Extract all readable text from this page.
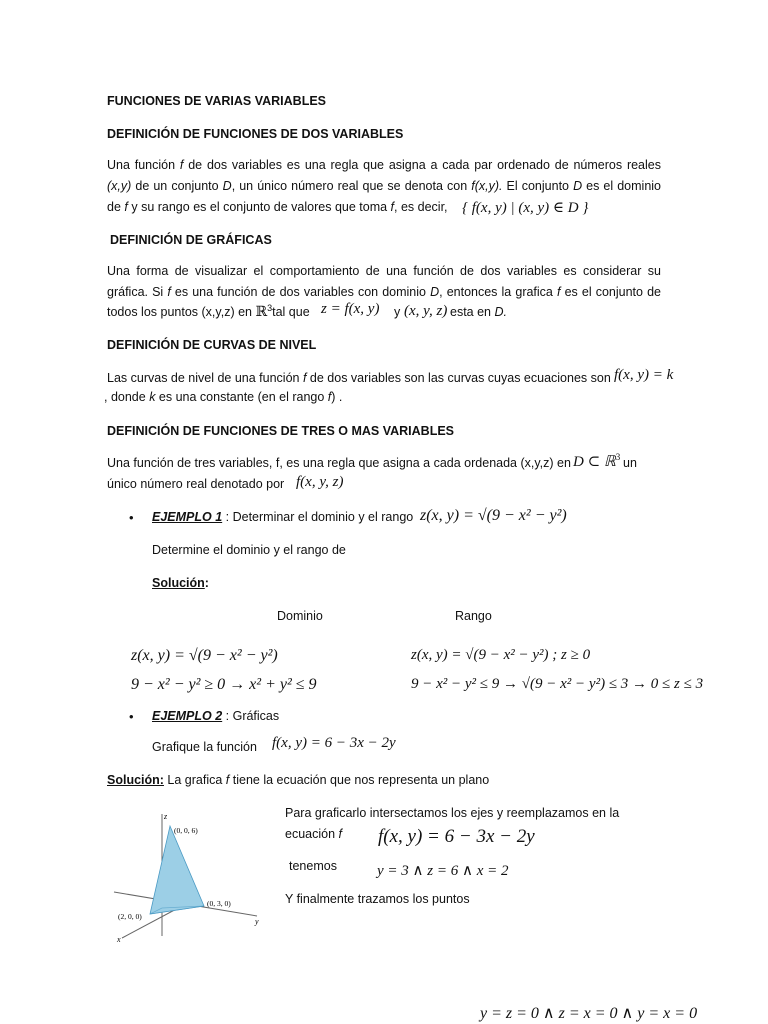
FUNCIONES DE VARIAS VARIABLES
DEFINICIÓN DE FUNCIONES DE DOS VARIABLES
Una función f de dos variables es una regla que asigna a cada par ordenado de números reales
(x,y) de un conjunto D, un único número real que se denota con f(x,y). El conjunto D es el dominio
de f y su rango es el conjunto de valores que toma f, es decir, { f(x, y) | (x, y) ∈ D }
DEFINICIÓN DE GRÁFICAS
Una forma de visualizar el comportamiento de una función de dos variables es considerar su
gráfica. Si f es una función de dos variables con dominio D, entonces la grafica f es el conjunto de
todos los puntos (x,y,z) en ℝ$^3$tal que z = f(x, y) y (x, y, z) esta en D.
DEFINICIÓN DE CURVAS DE NIVEL
Las curvas de nivel de una función f de dos variables son las curvas cuyas ecuaciones son f(x, y) = k
, donde k es una constante (en el rango f) .
DEFINICIÓN DE FUNCIONES DE TRES O MAS VARIABLES
Una función de tres variables, f, es una regla que asigna a cada ordenada (x,y,z) en D ⊂ ℝ$^3$ un
único número real denotado por f(x, y, z)
• EJEMPLO 1 : Determinar el dominio y el rango z(x, y) = √(9 − x² − y²)
Determine el dominio y el rango de
Solución:
Dominio	Rango
z(x, y) = √(9 − x² − y²)
9 − x² − y² ≥ 0 → x² + y² ≤ 9
z(x, y) = √(9 − x² − y²) ; z ≥ 0
9 − x² − y² ≤ 9 → √(9 − x² − y²) ≤ 3 → 0 ≤ z ≤ 3
• EJEMPLO 2 : Gráficas
Grafique la función f(x, y) = 6 − 3x − 2y
Solución: La grafica f tiene la ecuación que nos representa un plano
Para graficarlo intersectamos los ejes y reemplazamos en la
ecuación f f(x, y) = 6 − 3x − 2y
tenemos	y = 3 ∧ z = 6 ∧ x = 2
Y finalmente trazamos los puntos
y = z = 0 ∧ z = x = 0 ∧ y = x = 0
z
y
x
(0, 0, 6)
(0, 3, 0)
(2, 0, 0)
